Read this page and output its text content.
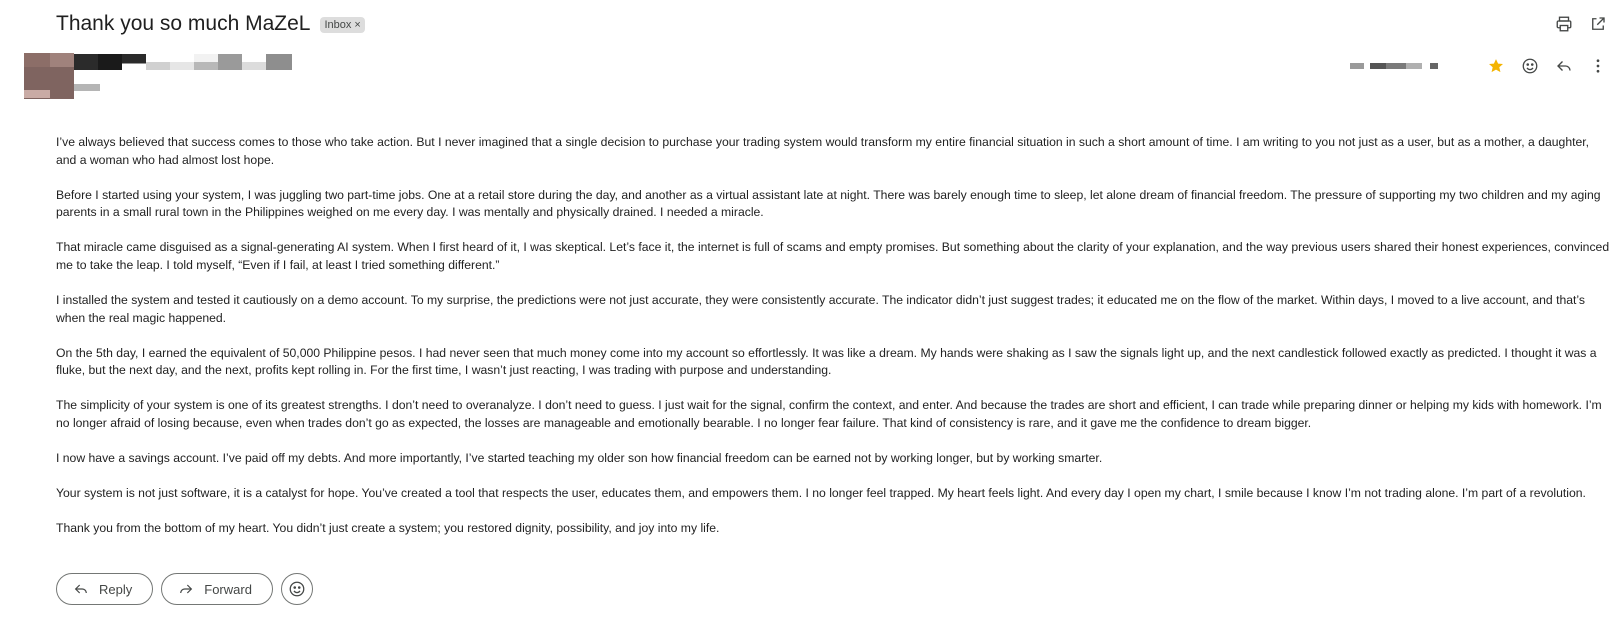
Thank you so much MaZeL Inbox ×

I’ve always believed that success comes to those who take action. But I never imagined that a single decision to purchase your trading system would transform my entire financial situation in such a short amount of time. I am writing to you not just as a user, but as a mother, a daughter, and a woman who had almost lost hope.

Before I started using your system, I was juggling two part-time jobs. One at a retail store during the day, and another as a virtual assistant late at night. There was barely enough time to sleep, let alone dream of financial freedom. The pressure of supporting my two children and my aging parents in a small rural town in the Philippines weighed on me every day. I was mentally and physically drained. I needed a miracle.

That miracle came disguised as a signal-generating AI system. When I first heard of it, I was skeptical. Let’s face it, the internet is full of scams and empty promises. But something about the clarity of your explanation, and the way previous users shared their honest experiences, convinced me to take the leap. I told myself, “Even if I fail, at least I tried something different.”

I installed the system and tested it cautiously on a demo account. To my surprise, the predictions were not just accurate, they were consistently accurate. The indicator didn’t just suggest trades; it educated me on the flow of the market. Within days, I moved to a live account, and that’s when the real magic happened.

On the 5th day, I earned the equivalent of 50,000 Philippine pesos. I had never seen that much money come into my account so effortlessly. It was like a dream. My hands were shaking as I saw the signals light up, and the next candlestick followed exactly as predicted. I thought it was a fluke, but the next day, and the next, profits kept rolling in. For the first time, I wasn’t just reacting, I was trading with purpose and understanding.

The simplicity of your system is one of its greatest strengths. I don’t need to overanalyze. I don’t need to guess. I just wait for the signal, confirm the context, and enter. And because the trades are short and efficient, I can trade while preparing dinner or helping my kids with homework. I’m no longer afraid of losing because, even when trades don’t go as expected, the losses are manageable and emotionally bearable. I no longer fear failure. That kind of consistency is rare, and it gave me the confidence to dream bigger.

I now have a savings account. I’ve paid off my debts. And more importantly, I’ve started teaching my older son how financial freedom can be earned not by working longer, but by working smarter.

Your system is not just software, it is a catalyst for hope. You’ve created a tool that respects the user, educates them, and empowers them. I no longer feel trapped. My heart feels light. And every day I open my chart, I smile because I know I’m not trading alone. I’m part of a revolution.

Thank you from the bottom of my heart. You didn’t just create a system; you restored dignity, possibility, and joy into my life.

Reply	Forward
